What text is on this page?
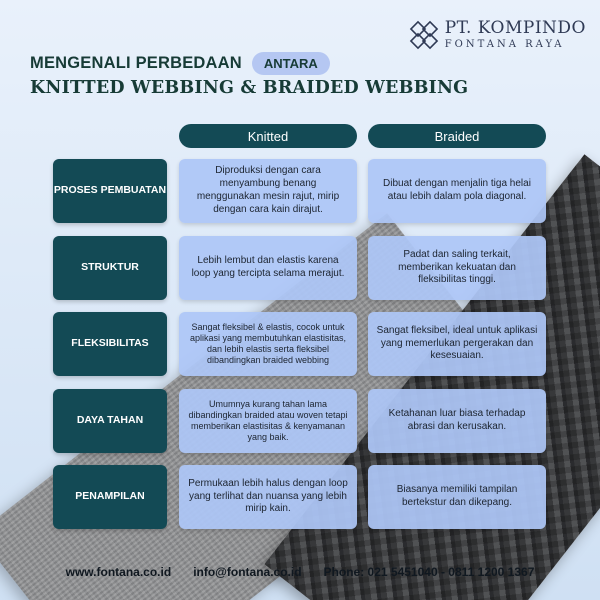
PT. KOMPINDO
FONTANA RAYA
MENGENALI PERBEDAAN	ANTARA
KNITTED WEBBING & BRAIDED WEBBING
Knitted	Braided
PROSES PEMBUATAN
Diproduksi dengan cara menyambung benang menggunakan mesin rajut, mirip dengan cara kain dirajut.
Dibuat dengan menjalin tiga helai atau lebih dalam pola diagonal.
STRUKTUR
Lebih lembut dan elastis karena loop yang tercipta selama merajut.
Padat dan saling terkait, memberikan kekuatan dan fleksibilitas tinggi.
FLEKSIBILITAS
Sangat fleksibel & elastis, cocok untuk aplikasi yang membutuhkan elastisitas, dan lebih elastis serta fleksibel dibandingkan braided webbing
Sangat fleksibel, ideal untuk aplikasi yang memerlukan pergerakan dan kesesuaian.
DAYA TAHAN
Umumnya kurang tahan lama dibandingkan braided atau woven tetapi memberikan elastisitas & kenyamanan yang baik.
Ketahanan luar biasa terhadap abrasi dan kerusakan.
PENAMPILAN
Permukaan lebih halus dengan loop yang terlihat dan nuansa yang lebih mirip kain.
Biasanya memiliki tampilan bertekstur dan dikepang.
www.fontana.co.id info@fontana.co.id Phone: 021 5451040 - 0811 1200 1367
